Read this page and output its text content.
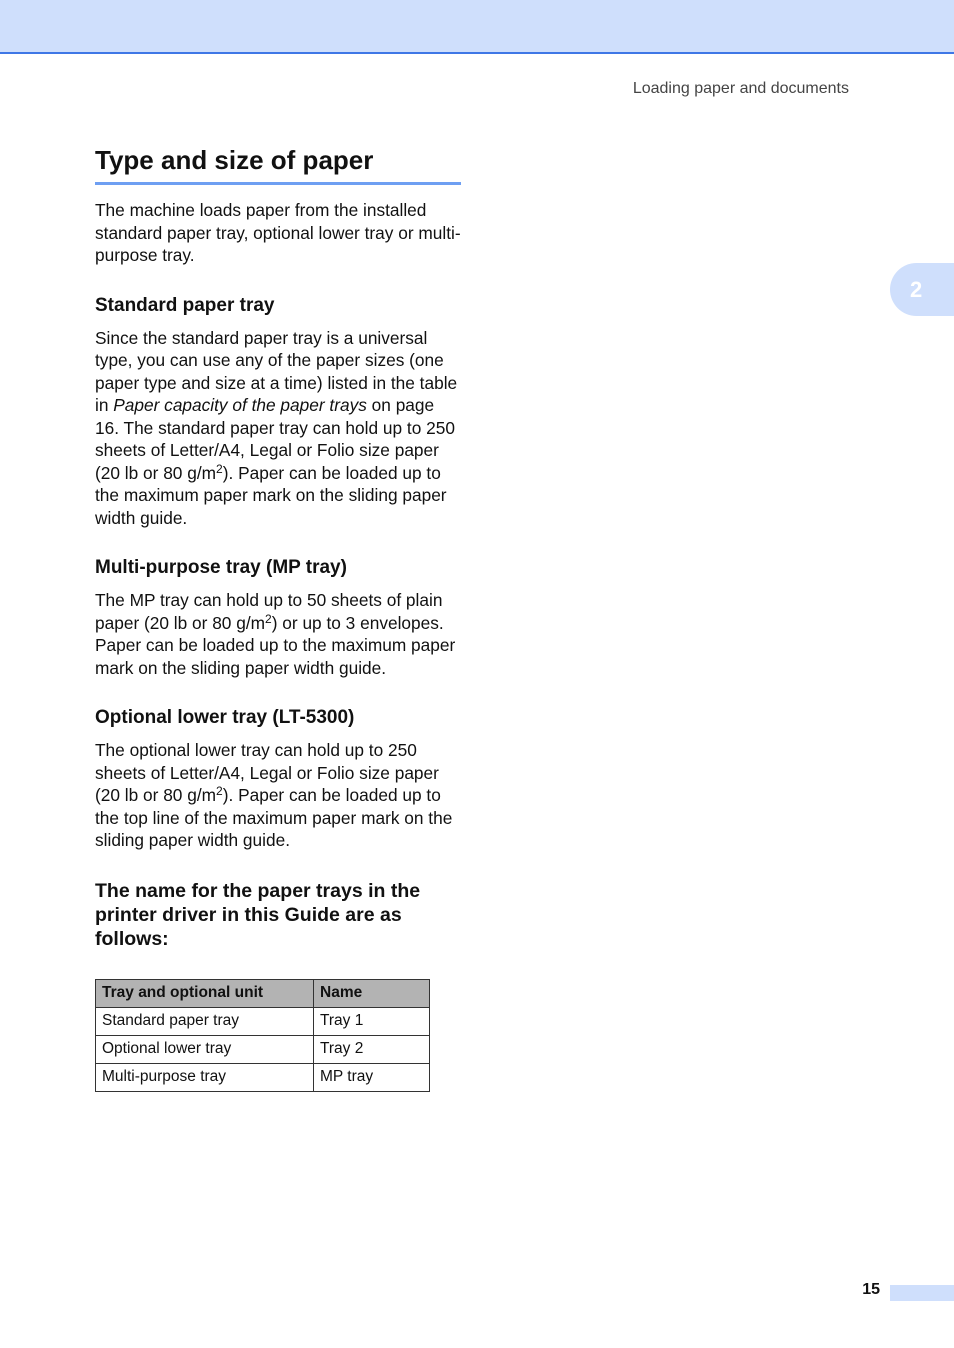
Loading paper and documents
2
Type and size of paper

The machine loads paper from the installed standard paper tray, optional lower tray or multi-purpose tray.

Standard paper tray

Since the standard paper tray is a universal type, you can use any of the paper sizes (one paper type and size at a time) listed in the table in Paper capacity of the paper trays on page 16. The standard paper tray can hold up to 250 sheets of Letter/A4, Legal or Folio size paper (20 lb or 80 $g/m^2$). Paper can be loaded up to the maximum paper mark on the sliding paper width guide.

Multi-purpose tray (MP tray)

The MP tray can hold up to 50 sheets of plain paper (20 lb or 80 $g/m^2$) or up to 3 envelopes. Paper can be loaded up to the maximum paper mark on the sliding paper width guide.

Optional lower tray (LT-5300)

The optional lower tray can hold up to 250 sheets of Letter/A4, Legal or Folio size paper (20 lb or 80 $g/m^2$). Paper can be loaded up to the top line of the maximum paper mark on the sliding paper width guide.

The name for the paper trays in the printer driver in this Guide are as follows:
Tray and optional unit	Name
Standard paper tray	Tray 1
Optional lower tray	Tray 2
Multi-purpose tray	MP tray
15
